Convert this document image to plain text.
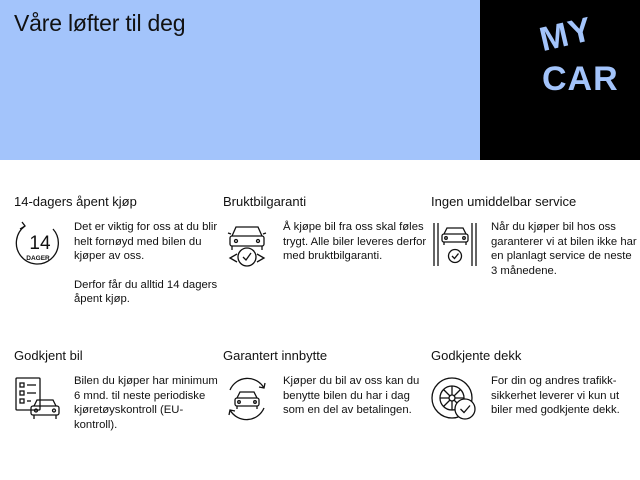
Våre løfter til deg	MY
CAR
14-dagers åpent kjøp
14
DAGER

Det er viktig for oss at du blir helt fornøyd med bilen du kjøper av oss.

Derfor får du alltid 14 dagers åpent kjøp.

Bruktbilgaranti

Å kjøpe bil fra oss skal føles trygt. Alle biler leveres derfor med bruktbilgaranti.

Ingen umiddelbar service

Når du kjøper bil hos oss garanterer vi at bilen ikke har en planlagt service de neste 3 månedene.

Godkjent bil

Bilen du kjøper har minimum 6 mnd. til neste periodiske kjøretøyskontroll (EU-kontroll).

Garantert innbytte

Kjøper du bil av oss kan du benytte bilen du har i dag som en del av betalingen.

Godkjente dekk

For din og andres trafikk-sikkerhet leverer vi kun ut biler med godkjente dekk.
